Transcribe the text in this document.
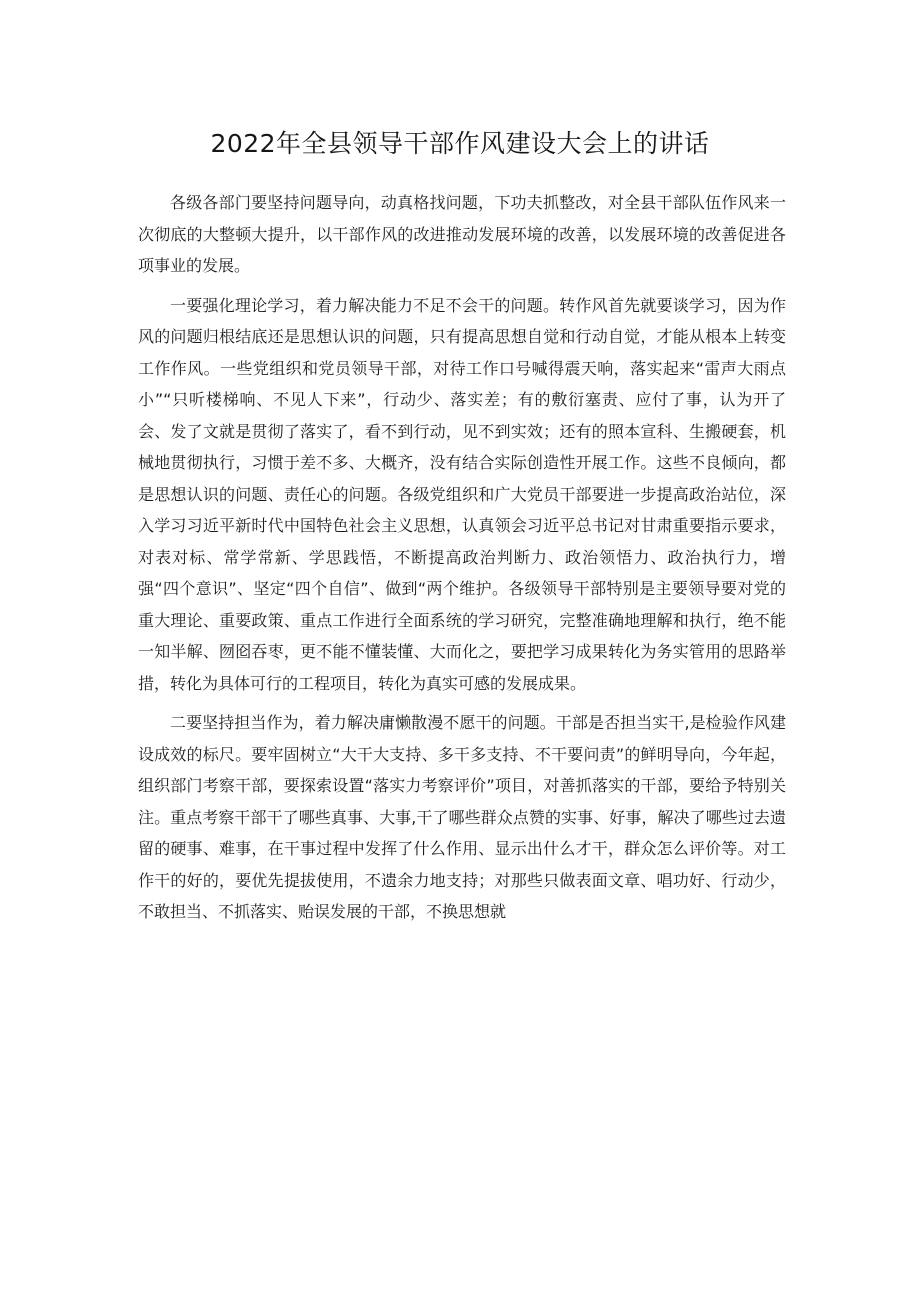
2022年全县领导干部作风建设大会上的讲话

各级各部门要坚持问题导向，动真格找问题，下功夫抓整改，对全县干部队伍作风来一次彻底的大整顿大提升，以干部作风的改进推动发展环境的改善，以发展环境的改善促进各项事业的发展。

一要强化理论学习，着力解决能力不足不会干的问题。转作风首先就要谈学习，因为作风的问题归根结底还是思想认识的问题，只有提高思想自觉和行动自觉，才能从根本上转变工作作风。一些党组织和党员领导干部，对待工作口号喊得震天响，落实起来“雷声大雨点小”“只听楼梯响、不见人下来”，行动少、落实差；有的敷衍塞责、应付了事，认为开了会、发了文就是贯彻了落实了，看不到行动，见不到实效；还有的照本宣科、生搬硬套，机械地贯彻执行，习惯于差不多、大概齐，没有结合实际创造性开展工作。这些不良倾向，都是思想认识的问题、责任心的问题。各级党组织和广大党员干部要进一步提高政治站位，深入学习习近平新时代中国特色社会主义思想，认真领会习近平总书记对甘肃重要指示要求，对表对标、常学常新、学思践悟，不断提高政治判断力、政治领悟力、政治执行力，增强“四个意识”、坚定“四个自信”、做到“两个维护。各级领导干部特别是主要领导要对党的重大理论、重要政策、重点工作进行全面系统的学习研究，完整准确地理解和执行，绝不能一知半解、囫囵吞枣，更不能不懂装懂、大而化之，要把学习成果转化为务实管用的思路举措，转化为具体可行的工程项目，转化为真实可感的发展成果。

二要坚持担当作为，着力解决庸懒散漫不愿干的问题。干部是否担当实干,是检验作风建设成效的标尺。要牢固树立“大干大支持、多干多支持、不干要问责”的鲜明导向，今年起，组织部门考察干部，要探索设置“落实力考察评价”项目，对善抓落实的干部，要给予特别关注。重点考察干部干了哪些真事、大事,干了哪些群众点赞的实事、好事，解决了哪些过去遗留的硬事、难事，在干事过程中发挥了什么作用、显示出什么才干，群众怎么评价等。对工作干的好的，要优先提拔使用，不遗余力地支持；对那些只做表面文章、唱功好、行动少，不敢担当、不抓落实、贻误发展的干部，不换思想就
